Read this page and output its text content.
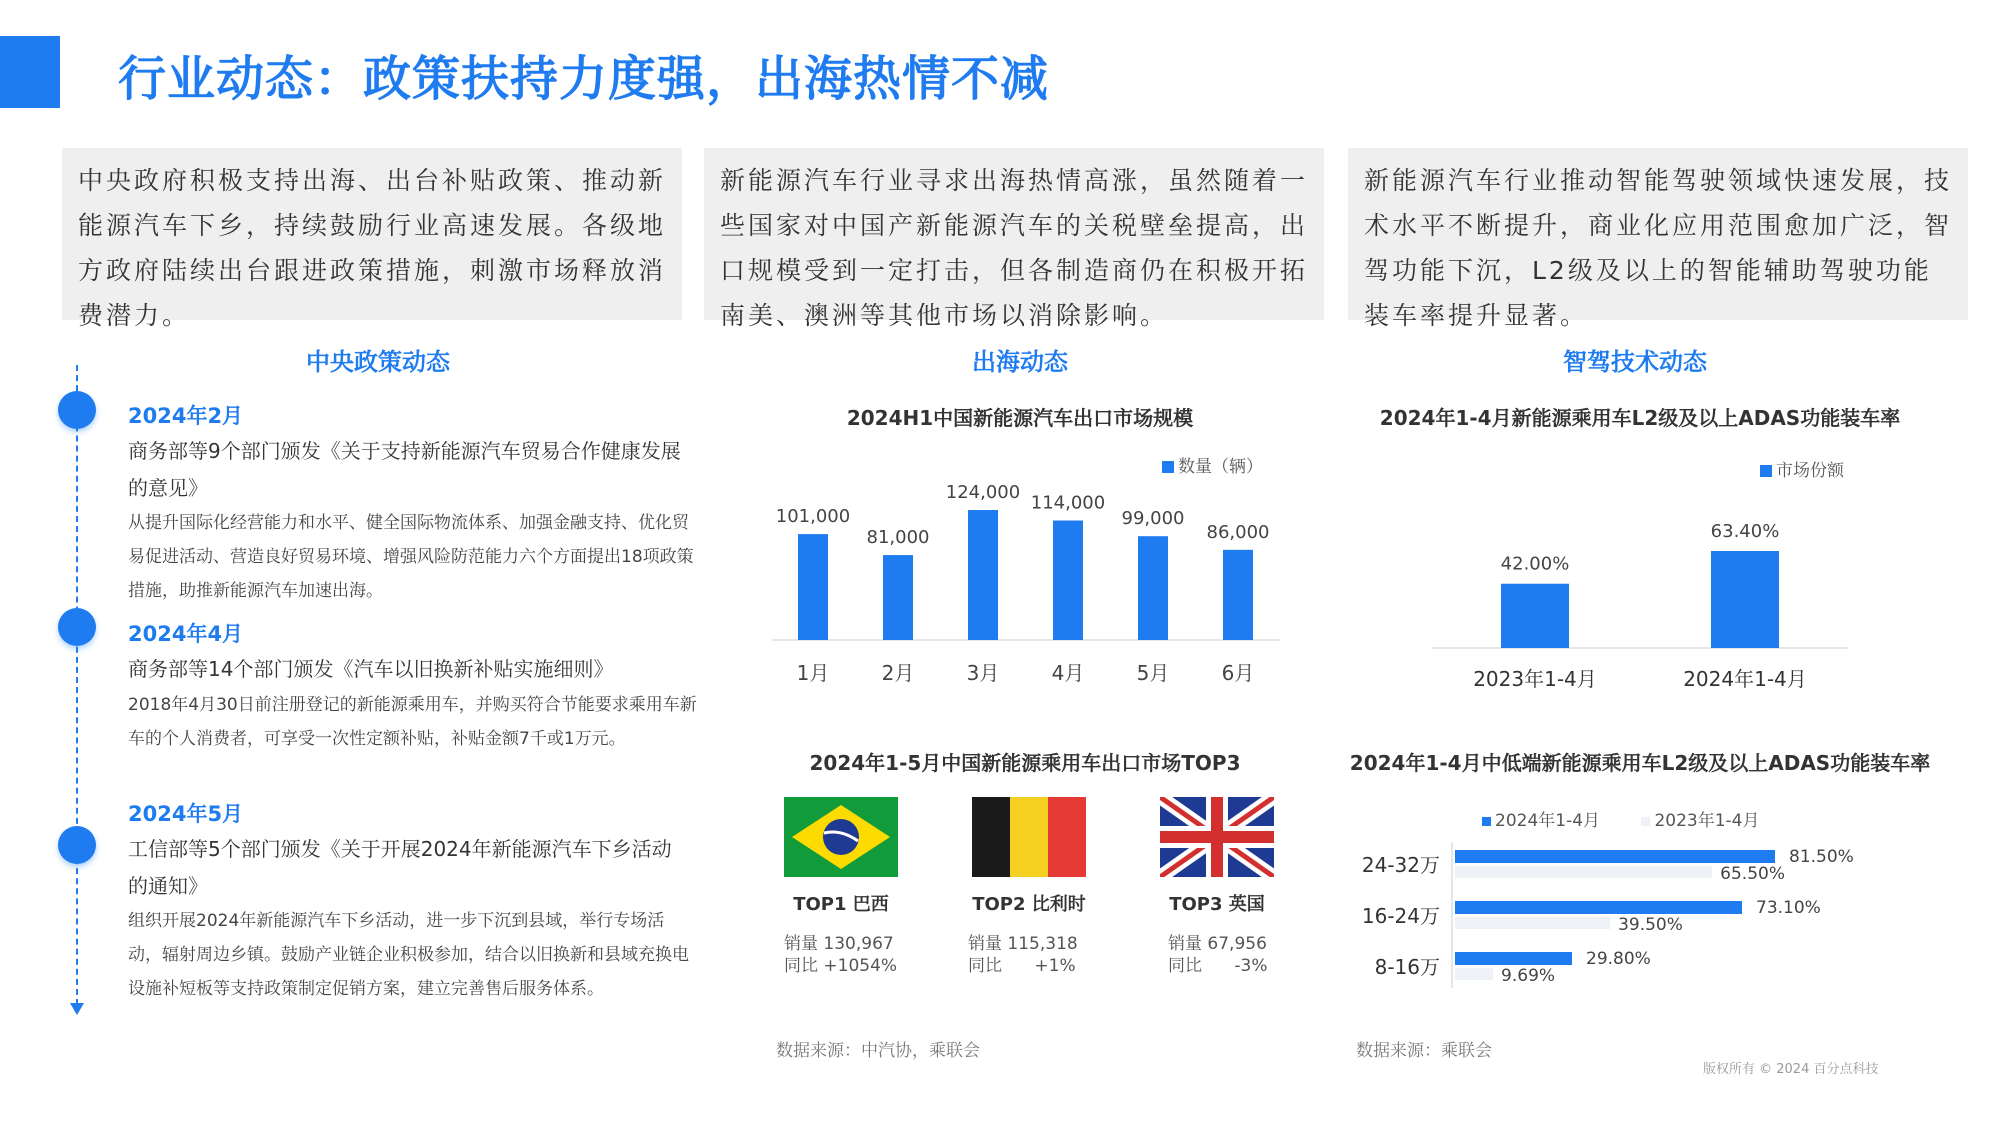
行业动态：政策扶持力度强，出海热情不减
中央政府积极支持出海、出台补贴政策、推动新能源汽车下乡，持续鼓励行业高速发展。各级地方政府陆续出台跟进政策措施，刺激市场释放消费潜力。
新能源汽车行业寻求出海热情高涨，虽然随着一些国家对中国产新能源汽车的关税壁垒提高，出口规模受到一定打击，但各制造商仍在积极开拓南美、澳洲等其他市场以消除影响。
新能源汽车行业推动智能驾驶领域快速发展，技术水平不断提升，商业化应用范围愈加广泛，智驾功能下沉，L2级及以上的智能辅助驾驶功能装车率提升显著。
中央政策动态	出海动态	智驾技术动态
2024年2月
商务部等9个部门颁发《关于支持新能源汽车贸易合作健康发展的意见》
从提升国际化经营能力和水平、健全国际物流体系、加强金融支持、优化贸易促进活动、营造良好贸易环境、增强风险防范能力六个方面提出18项政策措施，助推新能源汽车加速出海。
2024年4月
商务部等14个部门颁发《汽车以旧换新补贴实施细则》
2018年4月30日前注册登记的新能源乘用车，并购买符合节能要求乘用车新车的个人消费者，可享受一次性定额补贴，补贴金额7千或1万元。
2024年5月
工信部等5个部门颁发《关于开展2024年新能源汽车下乡活动的通知》
组织开展2024年新能源汽车下乡活动，进一步下沉到县域，举行专场活动，辐射周边乡镇。鼓励产业链企业积极参加，结合以旧换新和县域充换电设施补短板等支持政策制定促销方案，建立完善售后服务体系。
2024H1中国新能源汽车出口市场规模
数量（辆）
101,000
1月
81,000
2月
124,000
3月
114,000
4月
99,000
5月
86,000
6月
2024年1-4月新能源乘用车L2级及以上ADAS功能装车率
市场份额
42.00%
2023年1-4月
63.40%
2024年1-4月
2024年1-5月中国新能源乘用车出口市场TOP3
TOP1 巴西	TOP2 比利时	TOP3 英国
销量 130,967
同比 +1054%
销量 115,318
同比      +1%
销量 67,956
同比      -3%
2024年1-4月中低端新能源乘用车L2级及以上ADAS功能装车率
2024年1-4月	2023年1-4月
24-32万	81.50%
65.50%
16-24万	73.10%
39.50%
8-16万	29.80%
9.69%
数据来源：中汽协，乘联会	数据来源：乘联会
版权所有 © 2024 百分点科技
